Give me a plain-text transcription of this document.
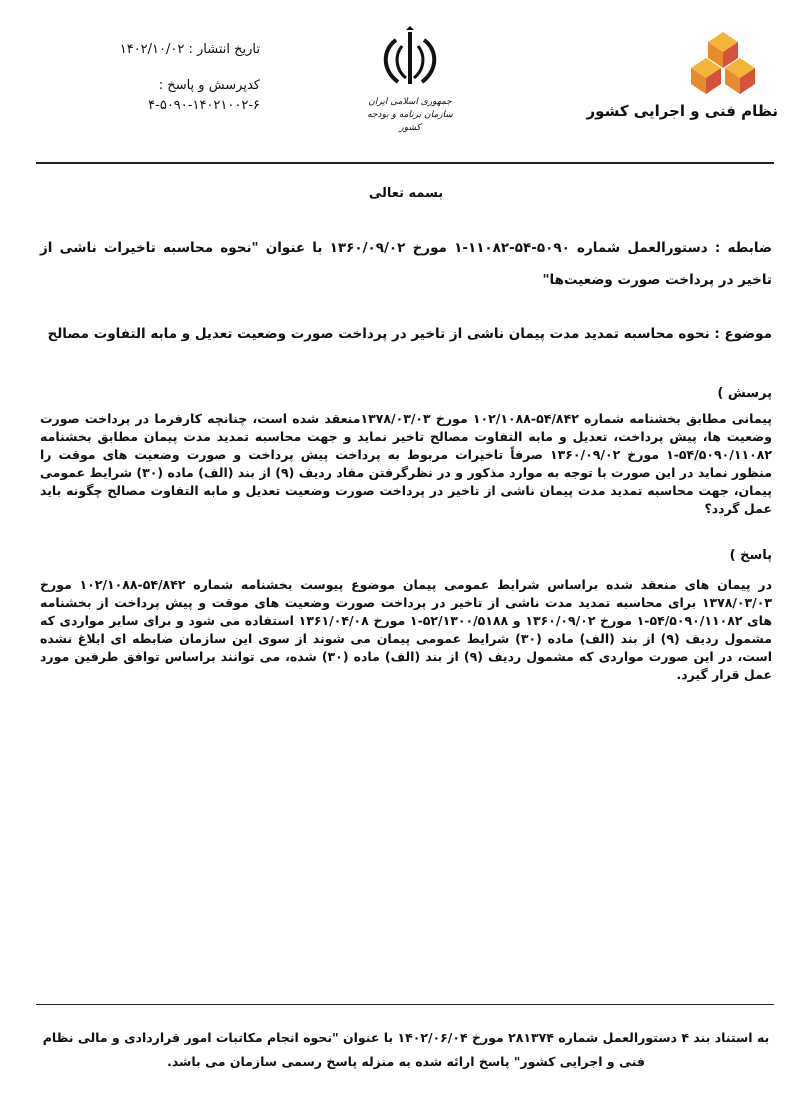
نظام فنی و اجرایی کشور
جمهوری اسلامی ایران
سازمان برنامه و بودجه کشور
تاریخ انتشار : ۱۴۰۲/۱۰/۰۲
کدپرسش و پاسخ :
۴-۵۰۹۰-۱۴۰۲۱۰۰۲-۶
بسمه تعالی
ضابطه : دستورالعمل شماره ۵۰۹۰-۵۴-۱۱۰۸۲-۱ مورخ ۱۳۶۰/۰۹/۰۲ با عنوان "نحوه محاسبه تاخیرات ناشی از تاخیر در پرداخت صورت وضعیت‌ها"
موضوع : نحوه محاسبه تمدید مدت پیمان ناشی از تاخیر در پرداخت صورت وضعیت تعدیل و مابه التفاوت مصالح
پرسش )
پیمانی مطابق بخشنامه شماره ۵۴/۸۴۲-۱۰۲/۱۰۸۸ مورخ ۱۳۷۸/۰۳/۰۳منعقد شده است، چنانچه کارفرما در پرداخت صورت وضعیت ها، پیش پرداخت، تعدیل و مابه التفاوت مصالح تاخیر نماید و جهت محاسبه تمدید مدت پیمان مطابق بخشنامه ۵۴/۵۰۹۰/۱۱۰۸۲-۱ مورخ ۱۳۶۰/۰۹/۰۲ صرفاً تاخیرات مربوط به پرداخت پیش پرداخت و صورت وضعیت های موقت را منظور نماید در این صورت با توجه به موارد مذکور و در نظرگرفتن مفاد ردیف (۹) از بند (الف) ماده (۳۰) شرایط عمومی پیمان، جهت محاسبه تمدید مدت پیمان ناشی از تاخیر در پرداخت صورت وضعیت تعدیل و مابه التفاوت مصالح چگونه باید عمل گردد؟
پاسخ )
در پیمان های منعقد شده براساس شرایط عمومی پیمان موضوع پیوست بخشنامه شماره ۵۴/۸۴۲-۱۰۲/۱۰۸۸ مورخ ۱۳۷۸/۰۳/۰۳ برای محاسبه تمدید مدت ناشی از تاخیر در پرداخت صورت وضعیت های موقت و پیش پرداخت از بخشنامه های ۵۴/۵۰۹۰/۱۱۰۸۲-۱ مورخ ۱۳۶۰/۰۹/۰۲ و ۵۲/۱۳۰۰/۵۱۸۸-۱ مورخ ۱۳۶۱/۰۴/۰۸ استفاده می شود و برای سایر مواردی که مشمول ردیف (۹) از بند (الف) ماده (۳۰) شرایط عمومی پیمان می شوند از سوی این سازمان ضابطه ای ابلاغ نشده است، در این صورت مواردی که مشمول ردیف (۹) از بند (الف) ماده (۳۰) شده، می توانند براساس توافق طرفین مورد عمل قرار گیرد.
به استناد بند ۴ دستورالعمل شماره ۲۸۱۳۷۴ مورخ ۱۴۰۲/۰۶/۰۴ با عنوان "نحوه انجام مکاتبات امور قراردادی و مالی نظام فنی و اجرایی کشور" پاسخ ارائه شده به منزله پاسخ رسمی سازمان می باشد.
